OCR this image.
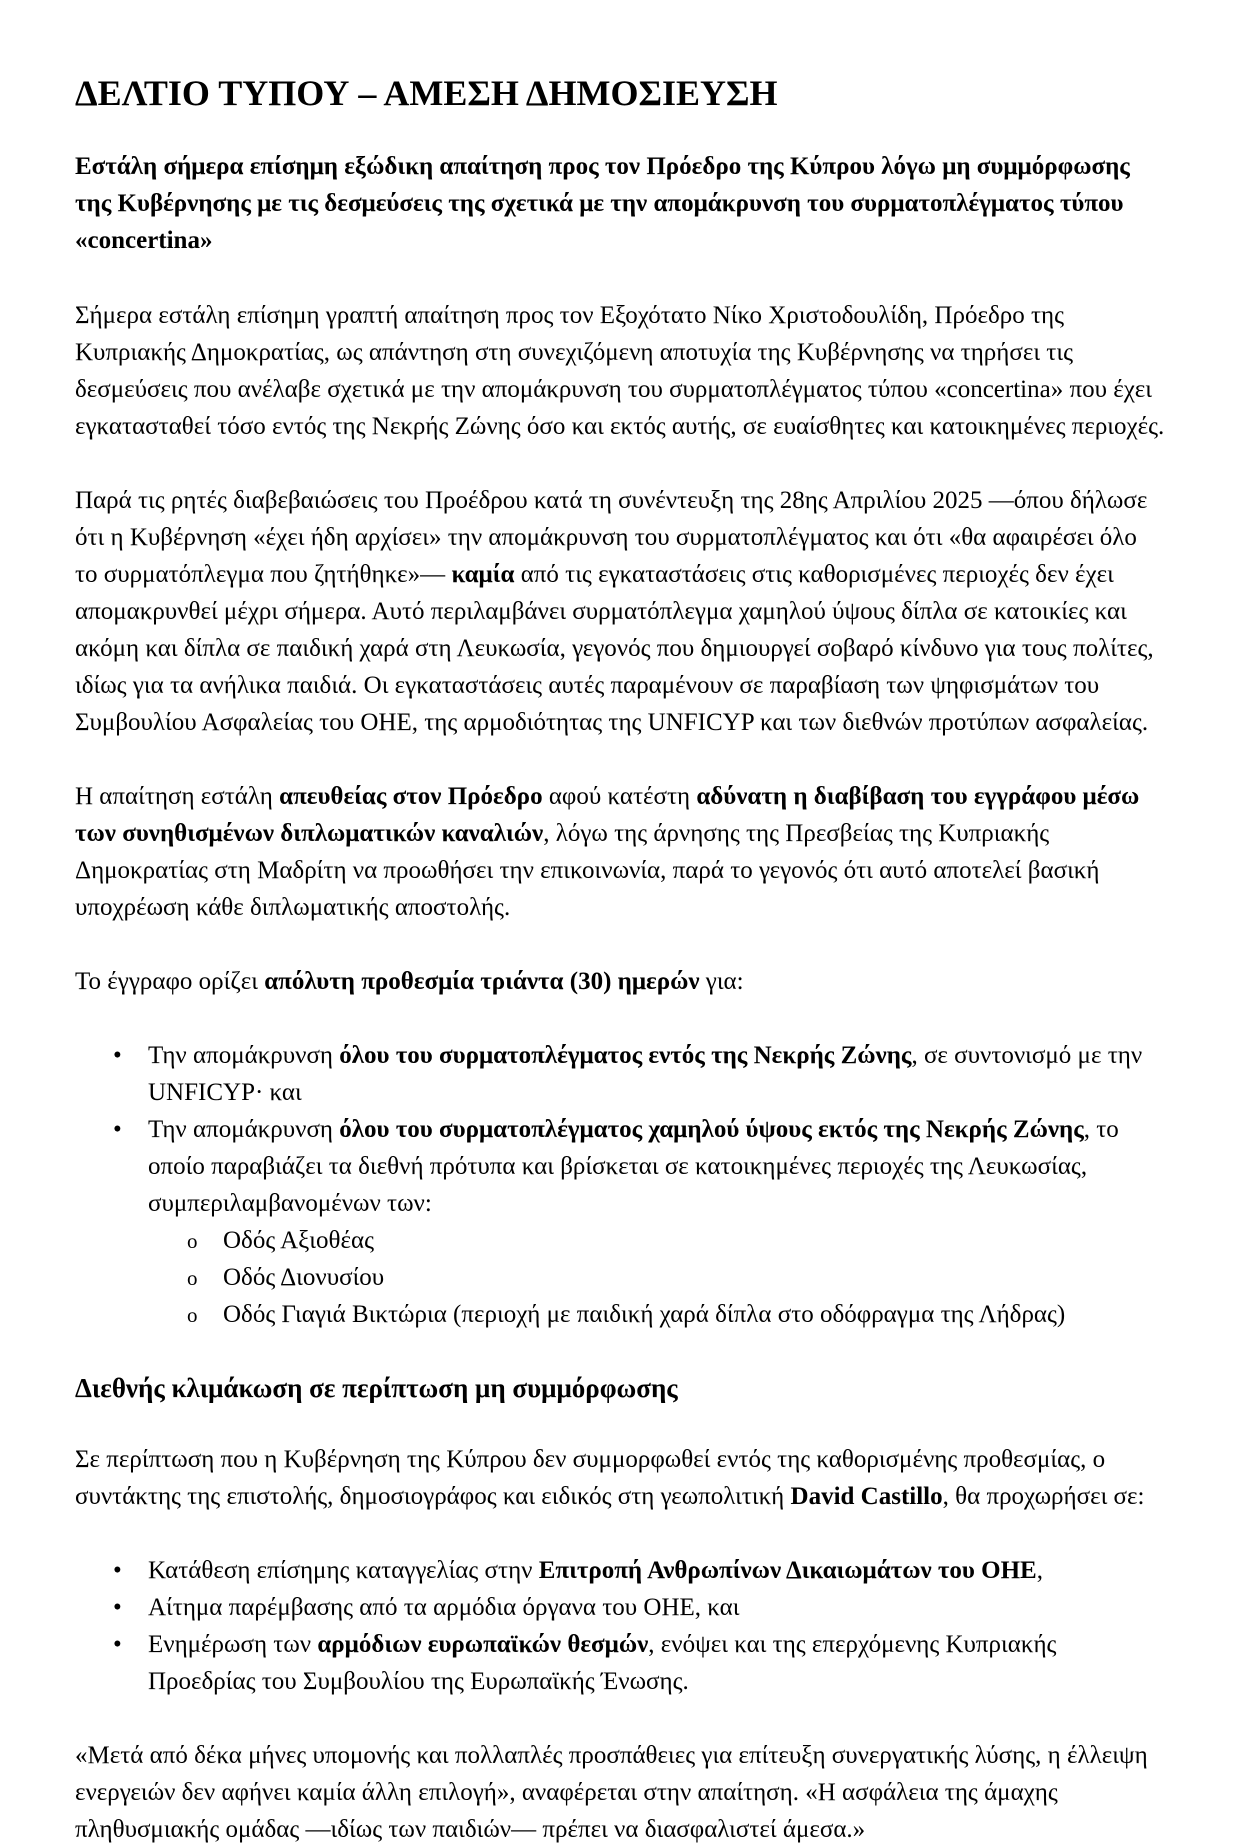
ΔΕΛΤΙΟ ΤΥΠΟΥ – ΑΜΕΣΗ ΔΗΜΟΣΙΕΥΣΗ

Εστάλη σήμερα επίσημη εξώδικη απαίτηση προς τον Πρόεδρο της Κύπρου λόγω μη συμμόρφωσης της Κυβέρνησης με τις δεσμεύσεις της σχετικά με την απομάκρυνση του συρματοπλέγματος τύπου «concertina»

Σήμερα εστάλη επίσημη γραπτή απαίτηση προς τον Εξοχότατο Νίκο Χριστοδουλίδη, Πρόεδρο της Κυπριακής Δημοκρατίας, ως απάντηση στη συνεχιζόμενη αποτυχία της Κυβέρνησης να τηρήσει τις δεσμεύσεις που ανέλαβε σχετικά με την απομάκρυνση του συρματοπλέγματος τύπου «concertina» που έχει εγκατασταθεί τόσο εντός της Νεκρής Ζώνης όσο και εκτός αυτής, σε ευαίσθητες και κατοικημένες περιοχές.

Παρά τις ρητές διαβεβαιώσεις του Προέδρου κατά τη συνέντευξη της 28ης Απριλίου 2025 —όπου δήλωσε ότι η Κυβέρνηση «έχει ήδη αρχίσει» την απομάκρυνση του συρματοπλέγματος και ότι «θα αφαιρέσει όλο το συρματόπλεγμα που ζητήθηκε»— καμία από τις εγκαταστάσεις στις καθορισμένες περιοχές δεν έχει απομακρυνθεί μέχρι σήμερα. Αυτό περιλαμβάνει συρματόπλεγμα χαμηλού ύψους δίπλα σε κατοικίες και ακόμη και δίπλα σε παιδική χαρά στη Λευκωσία, γεγονός που δημιουργεί σοβαρό κίνδυνο για τους πολίτες, ιδίως για τα ανήλικα παιδιά. Οι εγκαταστάσεις αυτές παραμένουν σε παραβίαση των ψηφισμάτων του Συμβουλίου Ασφαλείας του ΟΗΕ, της αρμοδιότητας της UNFICYP και των διεθνών προτύπων ασφαλείας.

Η απαίτηση εστάλη απευθείας στον Πρόεδρο αφού κατέστη αδύνατη η διαβίβαση του εγγράφου μέσω των συνηθισμένων διπλωματικών καναλιών, λόγω της άρνησης της Πρεσβείας της Κυπριακής Δημοκρατίας στη Μαδρίτη να προωθήσει την επικοινωνία, παρά το γεγονός ότι αυτό αποτελεί βασική υποχρέωση κάθε διπλωματικής αποστολής.

Το έγγραφο ορίζει απόλυτη προθεσμία τριάντα (30) ημερών για:

• Την απομάκρυνση όλου του συρματοπλέγματος εντός της Νεκρής Ζώνης, σε συντονισμό με την UNFICYP· και
• Την απομάκρυνση όλου του συρματοπλέγματος χαμηλού ύψους εκτός της Νεκρής Ζώνης, το οποίο παραβιάζει τα διεθνή πρότυπα και βρίσκεται σε κατοικημένες περιοχές της Λευκωσίας, συμπεριλαμβανομένων των:
o Οδός Αξιοθέας
o Οδός Διονυσίου
o Οδός Γιαγιά Βικτώρια (περιοχή με παιδική χαρά δίπλα στο οδόφραγμα της Λήδρας)
Διεθνής κλιμάκωση σε περίπτωση μη συμμόρφωσης

Σε περίπτωση που η Κυβέρνηση της Κύπρου δεν συμμορφωθεί εντός της καθορισμένης προθεσμίας, ο συντάκτης της επιστολής, δημοσιογράφος και ειδικός στη γεωπολιτική David Castillo, θα προχωρήσει σε:

• Κατάθεση επίσημης καταγγελίας στην Επιτροπή Ανθρωπίνων Δικαιωμάτων του ΟΗΕ,
• Αίτημα παρέμβασης από τα αρμόδια όργανα του ΟΗΕ, και
• Ενημέρωση των αρμόδιων ευρωπαϊκών θεσμών, ενόψει και της επερχόμενης Κυπριακής Προεδρίας του Συμβουλίου της Ευρωπαϊκής Ένωσης.

«Μετά από δέκα μήνες υπομονής και πολλαπλές προσπάθειες για επίτευξη συνεργατικής λύσης, η έλλειψη ενεργειών δεν αφήνει καμία άλλη επιλογή», αναφέρεται στην απαίτηση. «Η ασφάλεια της άμαχης πληθυσμιακής ομάδας —ιδίως των παιδιών— πρέπει να διασφαλιστεί άμεσα.»
